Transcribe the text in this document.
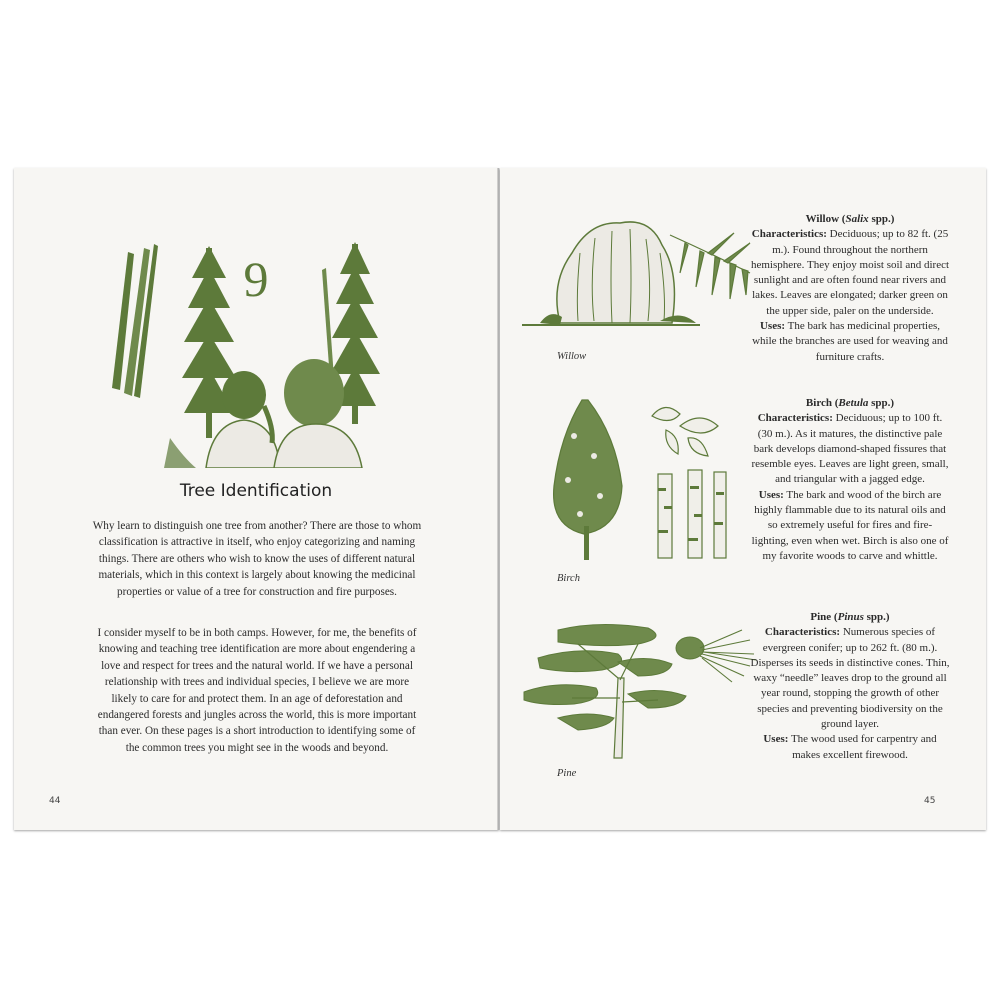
9
Tree Identification

Why learn to distinguish one tree from another? There are those to whom classification is attractive in itself, who enjoy categorizing and naming things. There are others who wish to know the uses of different natural materials, which in this context is largely about knowing the medicinal properties or value of a tree for construction and fire purposes.

I consider myself to be in both camps. However, for me, the benefits of knowing and teaching tree identification are more about engendering a love and respect for trees and the natural world. If we have a personal relationship with trees and individual species, I believe we are more likely to care for and protect them. In an age of deforestation and endangered forests and jungles across the world, this is more important than ever. On these pages is a short introduction to identifying some of the common trees you might see in the woods and beyond.

44
Willow
Willow (Salix spp.)
Characteristics: Deciduous; up to 82 ft. (25 m.). Found throughout the northern hemisphere. They enjoy moist soil and direct sunlight and are often found near rivers and lakes. Leaves are elongated; darker green on the upper side, paler on the underside.
Uses: The bark has medicinal properties, while the branches are used for weaving and furniture crafts.
Birch
Birch (Betula spp.)
Characteristics: Deciduous; up to 100 ft. (30 m.). As it matures, the distinctive pale bark develops diamond-shaped fissures that resemble eyes. Leaves are light green, small, and triangular with a jagged edge.
Uses: The bark and wood of the birch are highly flammable due to its natural oils and so extremely useful for fires and fire-lighting, even when wet. Birch is also one of my favorite woods to carve and whittle.
Pine
Pine (Pinus spp.)
Characteristics: Numerous species of evergreen conifer; up to 262 ft. (80 m.). Disperses its seeds in distinctive cones. Thin, waxy “needle” leaves drop to the ground all year round, stopping the growth of other species and preventing biodiversity on the ground layer.
Uses: The wood used for carpentry and makes excellent firewood.
45
